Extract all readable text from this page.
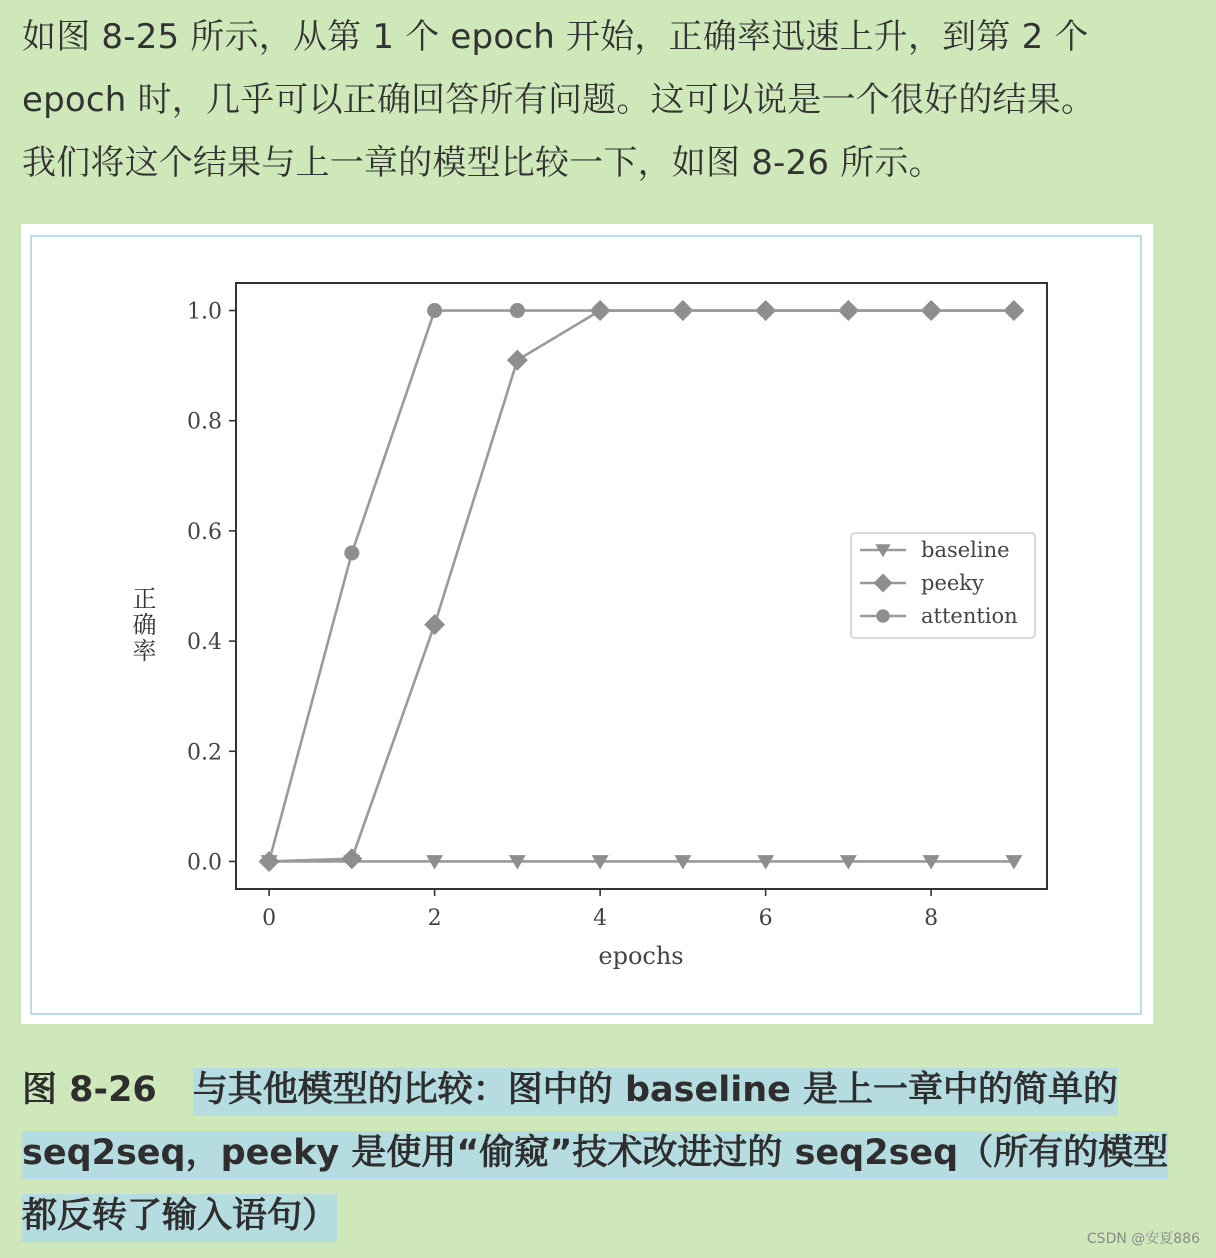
如图 8-25 所示，从第 1 个 epoch 开始，正确率迅速上升，到第 2 个
epoch 时，几乎可以正确回答所有问题。这可以说是一个很好的结果。
我们将这个结果与上一章的模型比较一下，如图 8-26 所示。
0.0
0.2
0.4
0.6
0.8
1.0
0	2	4	6	8
baseline
peeky
attention
正确率
epochs
图 8-26 与其他模型的比较：图中的 baseline 是上一章中的简单的
seq2seq，peeky 是使用“偷窥”技术改进过的 seq2seq（所有的模型
都反转了输入语句）
CSDN @安夏886
